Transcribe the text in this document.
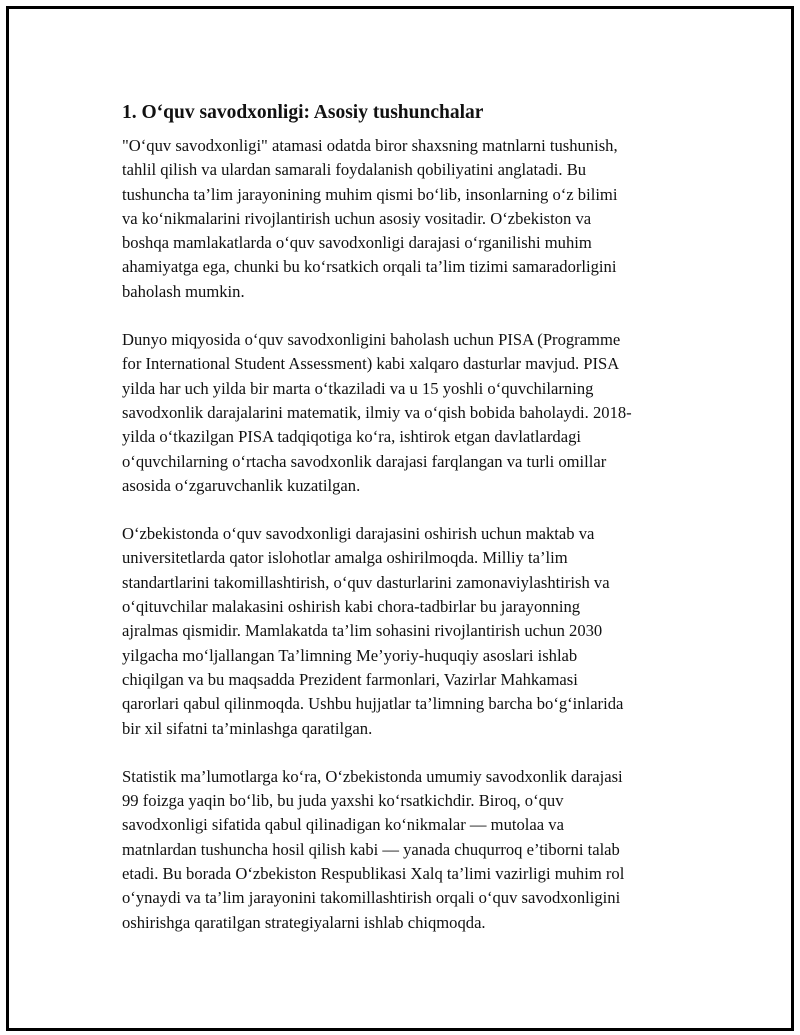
1. O‘quv savodxonligi: Asosiy tushunchalar

"O‘quv savodxonligi" atamasi odatda biror shaxsning matnlarni tushunish,
tahlil qilish va ulardan samarali foydalanish qobiliyatini anglatadi. Bu
tushuncha ta’lim jarayonining muhim qismi bo‘lib, insonlarning o‘z bilimi
va ko‘nikmalarini rivojlantirish uchun asosiy vositadir. O‘zbekiston va
boshqa mamlakatlarda o‘quv savodxonligi darajasi o‘rganilishi muhim
ahamiyatga ega, chunki bu ko‘rsatkich orqali ta’lim tizimi samaradorligini
baholash mumkin.

Dunyo miqyosida o‘quv savodxonligini baholash uchun PISA (Programme
for International Student Assessment) kabi xalqaro dasturlar mavjud. PISA
yilda har uch yilda bir marta o‘tkaziladi va u 15 yoshli o‘quvchilarning
savodxonlik darajalarini matematik, ilmiy va o‘qish bobida baholaydi. 2018-
yilda o‘tkazilgan PISA tadqiqotiga ko‘ra, ishtirok etgan davlatlardagi
o‘quvchilarning o‘rtacha savodxonlik darajasi farqlangan va turli omillar
asosida o‘zgaruvchanlik kuzatilgan.

O‘zbekistonda o‘quv savodxonligi darajasini oshirish uchun maktab va
universitetlarda qator islohotlar amalga oshirilmoqda. Milliy ta’lim
standartlarini takomillashtirish, o‘quv dasturlarini zamonaviylashtirish va
o‘qituvchilar malakasini oshirish kabi chora-tadbirlar bu jarayonning
ajralmas qismidir. Mamlakatda ta’lim sohasini rivojlantirish uchun 2030
yilgacha mo‘ljallangan Ta’limning Me’yoriy-huquqiy asoslari ishlab
chiqilgan va bu maqsadda Prezident farmonlari, Vazirlar Mahkamasi
qarorlari qabul qilinmoqda. Ushbu hujjatlar ta’limning barcha bo‘g‘inlarida
bir xil sifatni ta’minlashga qaratilgan.

Statistik ma’lumotlarga ko‘ra, O‘zbekistonda umumiy savodxonlik darajasi
99 foizga yaqin bo‘lib, bu juda yaxshi ko‘rsatkichdir. Biroq, o‘quv
savodxonligi sifatida qabul qilinadigan ko‘nikmalar — mutolaa va
matnlardan tushuncha hosil qilish kabi — yanada chuqurroq e’tiborni talab
etadi. Bu borada O‘zbekiston Respublikasi Xalq ta’limi vazirligi muhim rol
o‘ynaydi va ta’lim jarayonini takomillashtirish orqali o‘quv savodxonligini
oshirishga qaratilgan strategiyalarni ishlab chiqmoqda.
